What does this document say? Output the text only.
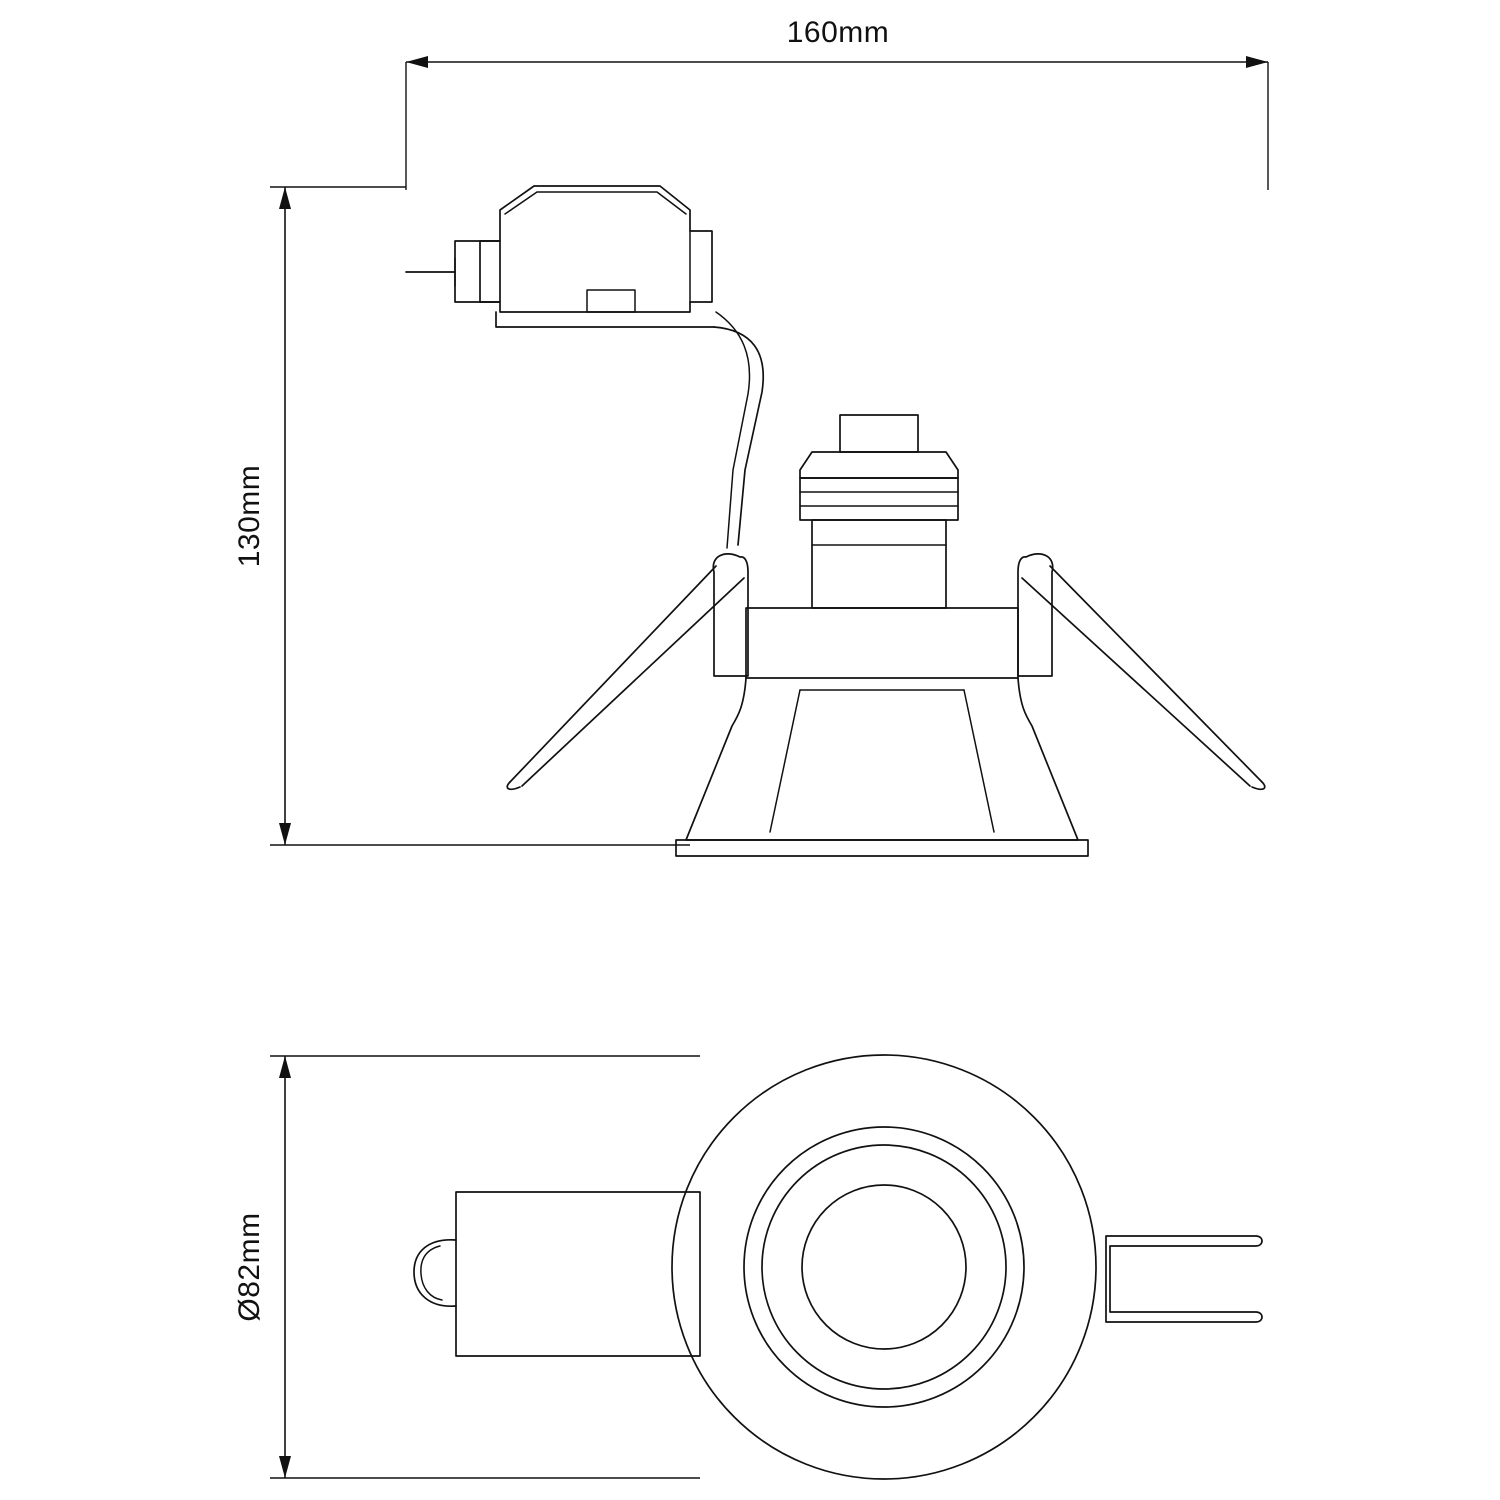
160mm
130mm
Ø82mm
